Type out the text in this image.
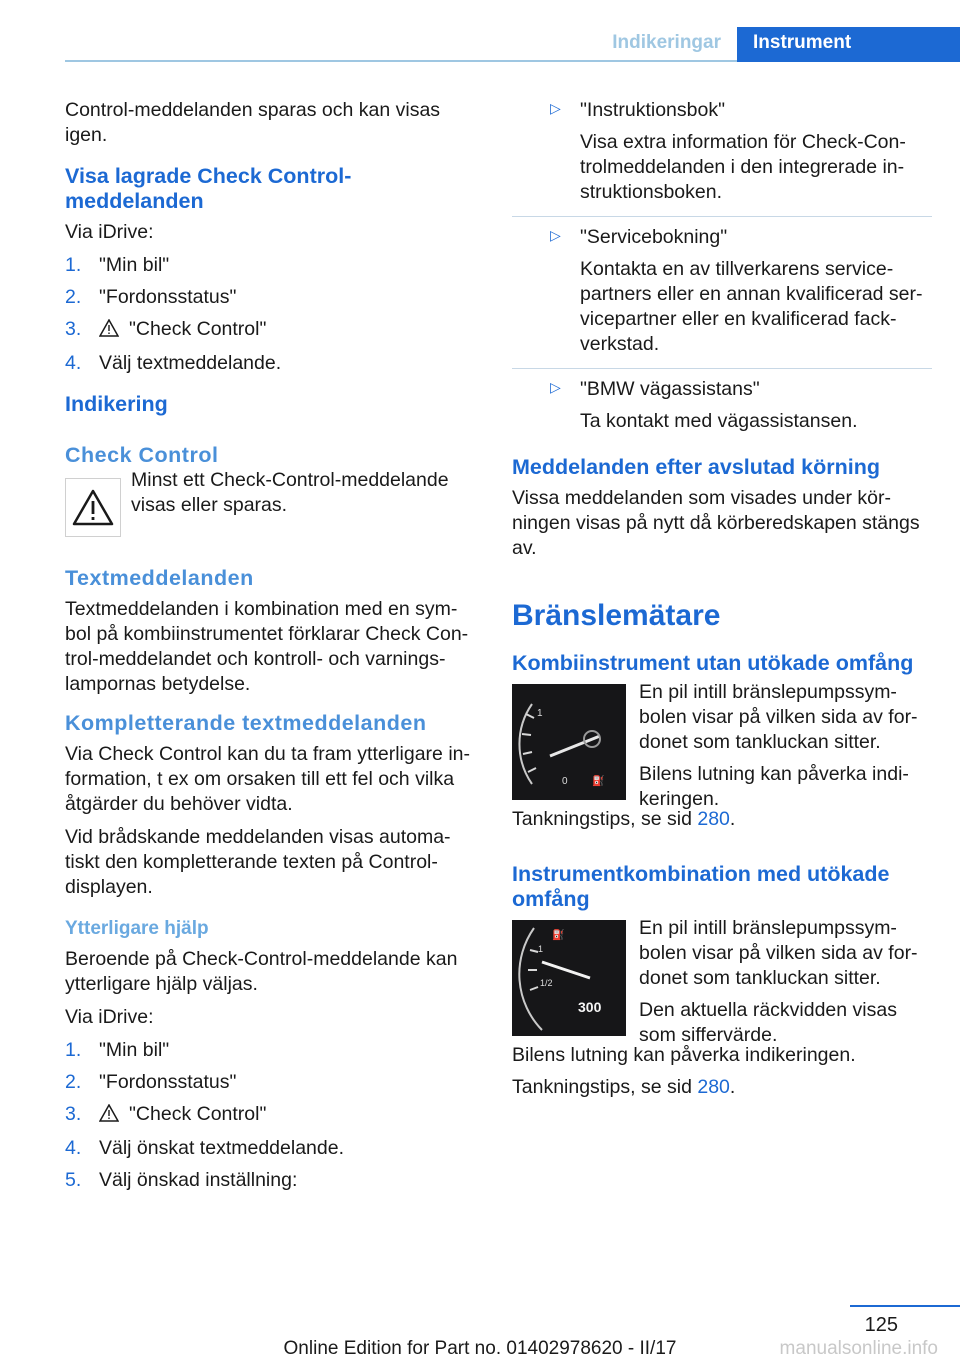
Indikeringar	Instrument

Control-meddelanden sparas och kan visas igen.

Visa lagrade Check Control-meddelanden

Via iDrive:

1. "Min bil"
2. "Fordonsstatus"
3. "Check Control"
4. Välj textmeddelande.
Indikering
Check Control

Minst ett Check-Control-meddelande visas eller sparas.

Textmeddelanden

Textmeddelanden i kombination med en sym-bol på kombiinstrumentet förklarar Check Con-trol-meddelandet och kontroll- och varnings-lampornas betydelse.

Kompletterande textmeddelanden

Via Check Control kan du ta fram ytterligare in-formation, t ex om orsaken till ett fel och vilka åtgärder du behöver vidta.

Vid brådskande meddelanden visas automa-tiskt den kompletterande texten på Control-displayen.

Ytterligare hjälp

Beroende på Check-Control-meddelande kan ytterligare hjälp väljas.

Via iDrive:

1. "Min bil"
2. "Fordonsstatus"
3. "Check Control"
4. Välj önskat textmeddelande.
5. Välj önskad inställning:
▷ "Instruktionsbok"

Visa extra information för Check-Con-trolmeddelanden i den integrerade in-struktionsboken.

▷ "Servicebokning"

Kontakta en av tillverkarens service-partners eller en annan kvalificerad ser-vicepartner eller en kvalificerad fack-verkstad.

▷ "BMW vägassistans"

Ta kontakt med vägassistansen.

Meddelanden efter avslutad körning

Vissa meddelanden som visades under kör-ningen visas på nytt då körberedskapen stängs av.

Bränslemätare
Kombiinstrument utan utökade omfång
⛽
1
0

En pil intill bränslepumpssym-bolen visar på vilken sida av for-donet som tankluckan sitter.

Bilens lutning kan påverka indi-keringen.

Tankningstips, se sid 280.

Instrumentkombination med utökade omfång
⛽
1
1/2
300

En pil intill bränslepumpssym-bolen visar på vilken sida av for-donet som tankluckan sitter.

Den aktuella räckvidden visas som siffervärde.

Bilens lutning kan påverka indikeringen.

Tankningstips, se sid 280.

125
Online Edition for Part no. 01402978620 - II/17	manualsonline.info
